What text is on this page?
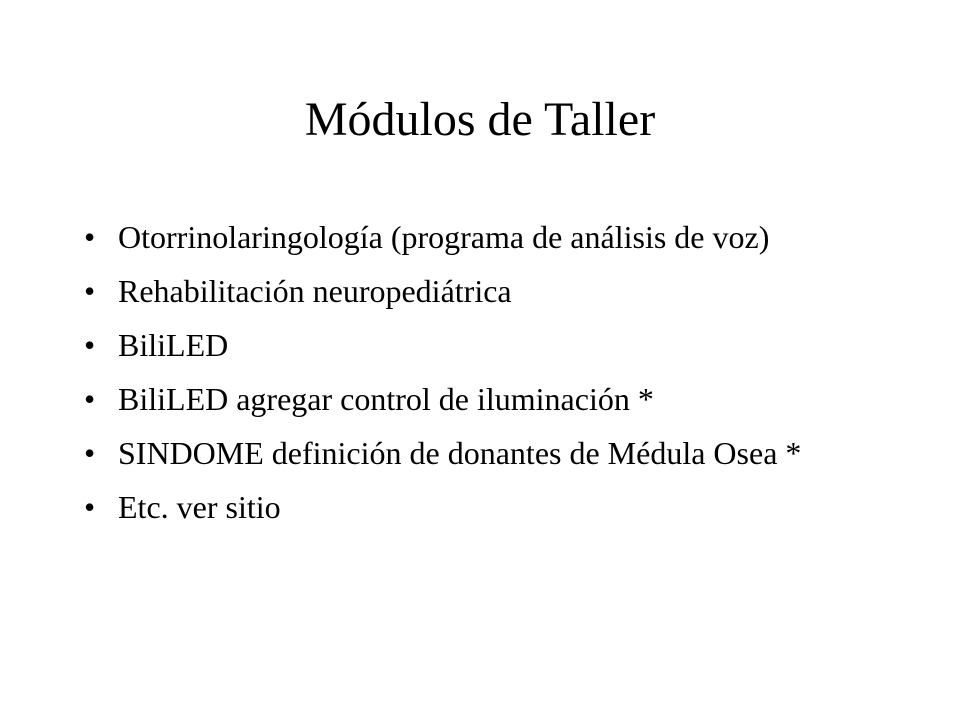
Módulos de Taller
• Otorrinolaringología (programa de análisis de voz)
• Rehabilitación neuropediátrica
• BiliLED
• BiliLED agregar control de iluminación *
• SINDOME definición de donantes de Médula Osea *
• Etc. ver sitio
